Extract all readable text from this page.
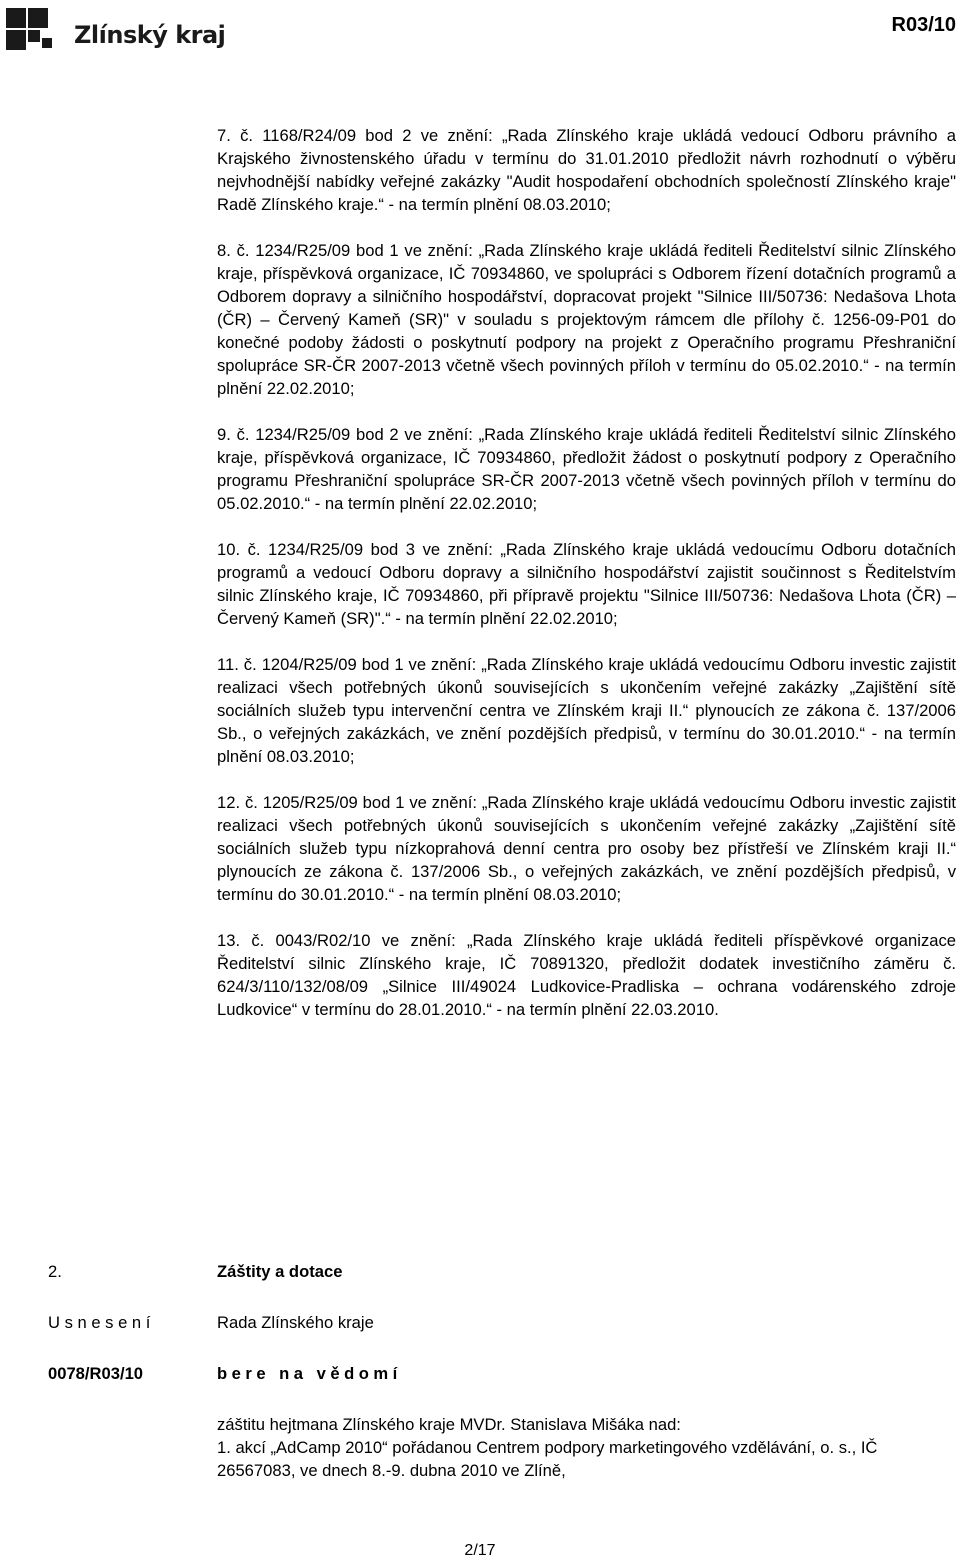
Zlínský kraj	R03/10

7. č. 1168/R24/09 bod 2 ve znění: „Rada Zlínského kraje ukládá vedoucí Odboru právního a Krajského živnostenského úřadu v termínu do 31.01.2010 předložit návrh rozhodnutí o výběru nejvhodnější nabídky veřejné zakázky "Audit hospodaření obchodních společností Zlínského kraje" Radě Zlínského kraje.“ - na termín plnění 08.03.2010;

8. č. 1234/R25/09 bod 1 ve znění: „Rada Zlínského kraje ukládá řediteli Ředitelství silnic Zlínského kraje, příspěvková organizace, IČ 70934860, ve spolupráci s Odborem řízení dotačních programů a Odborem dopravy a silničního hospodářství, dopracovat projekt "Silnice III/50736: Nedašova Lhota (ČR) – Červený Kameň (SR)" v souladu s projektovým rámcem dle přílohy č. 1256-09-P01 do konečné podoby žádosti o poskytnutí podpory na projekt z Operačního programu Přeshraniční spolupráce SR-ČR 2007-2013 včetně všech povinných příloh v termínu do 05.02.2010.“ - na termín plnění 22.02.2010;

9. č. 1234/R25/09 bod 2 ve znění: „Rada Zlínského kraje ukládá řediteli Ředitelství silnic Zlínského kraje, příspěvková organizace, IČ 70934860, předložit žádost o poskytnutí podpory z Operačního programu Přeshraniční spolupráce SR-ČR 2007-2013 včetně všech povinných příloh v termínu do 05.02.2010.“ - na termín plnění 22.02.2010;

10. č. 1234/R25/09 bod 3 ve znění: „Rada Zlínského kraje ukládá vedoucímu Odboru dotačních programů a vedoucí Odboru dopravy a silničního hospodářství zajistit součinnost s Ředitelstvím silnic Zlínského kraje, IČ 70934860, při přípravě projektu "Silnice III/50736: Nedašova Lhota (ČR) – Červený Kameň (SR)".“ - na termín plnění 22.02.2010;

11. č. 1204/R25/09 bod 1 ve znění: „Rada Zlínského kraje ukládá vedoucímu Odboru investic zajistit realizaci všech potřebných úkonů souvisejících s ukončením veřejné zakázky „Zajištění sítě sociálních služeb typu intervenční centra ve Zlínském kraji II.“ plynoucích ze zákona č. 137/2006 Sb., o veřejných zakázkách, ve znění pozdějších předpisů, v termínu do 30.01.2010.“ - na termín plnění 08.03.2010;

12. č. 1205/R25/09 bod 1 ve znění: „Rada Zlínského kraje ukládá vedoucímu Odboru investic zajistit realizaci všech potřebných úkonů souvisejících s ukončením veřejné zakázky „Zajištění sítě sociálních služeb typu nízkoprahová denní centra pro osoby bez přístřeší ve Zlínském kraji II.“ plynoucích ze zákona č. 137/2006 Sb., o veřejných zakázkách, ve znění pozdějších předpisů, v termínu do 30.01.2010.“ - na termín plnění 08.03.2010;

13. č. 0043/R02/10 ve znění: „Rada Zlínského kraje ukládá řediteli příspěvkové organizace Ředitelství silnic Zlínského kraje, IČ 70891320, předložit dodatek investičního záměru č. 624/3/110/132/08/09 „Silnice III/49024 Ludkovice-Pradliska – ochrana vodárenského zdroje Ludkovice“ v termínu do 28.01.2010.“ - na termín plnění 22.03.2010.

2.	Záštity a dotace
U s n e s e n í	Rada Zlínského kraje
0078/R03/10	bere na vědomí

záštitu hejtmana Zlínského kraje MVDr. Stanislava Mišáka nad:

1. akcí „AdCamp 2010“ pořádanou Centrem podpory marketingového vzdělávání, o. s., IČ 26567083, ve dnech 8.-9. dubna 2010 ve Zlíně,

2/17
